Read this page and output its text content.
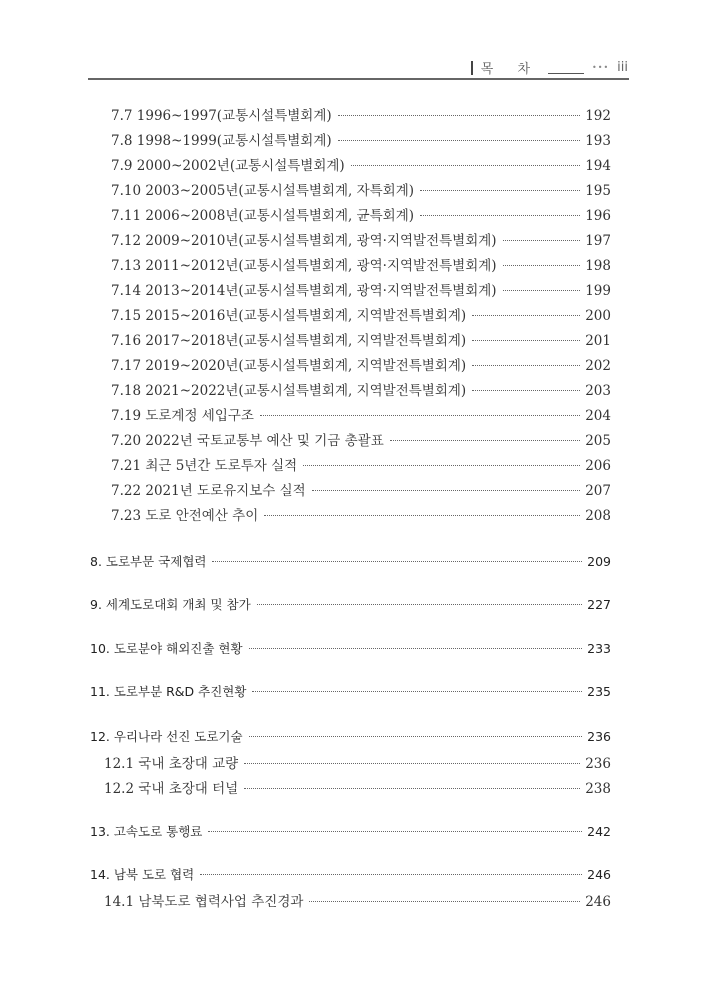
목 차	••• iii
7.7 1996~1997(교통시설특별회계)	192
7.8 1998~1999(교통시설특별회계)	193
7.9 2000~2002년(교통시설특별회계)	194
7.10 2003~2005년(교통시설특별회계, 자특회계)	195
7.11 2006~2008년(교통시설특별회계, 균특회계)	196
7.12 2009~2010년(교통시설특별회계, 광역·지역발전특별회계)	197
7.13 2011~2012년(교통시설특별회계, 광역·지역발전특별회계)	198
7.14 2013~2014년(교통시설특별회계, 광역·지역발전특별회계)	199
7.15 2015~2016년(교통시설특별회계, 지역발전특별회계)	200
7.16 2017~2018년(교통시설특별회계, 지역발전특별회계)	201
7.17 2019~2020년(교통시설특별회계, 지역발전특별회계)	202
7.18 2021~2022년(교통시설특별회계, 지역발전특별회계)	203
7.19 도로계정 세입구조	204
7.20 2022년 국토교통부 예산 및 기금 총괄표	205
7.21 최근 5년간 도로투자 실적	206
7.22 2021년 도로유지보수 실적	207
7.23 도로 안전예산 추이	208
8. 도로부문 국제협력	209
9. 세계도로대회 개최 및 참가	227
10. 도로분야 해외진출 현황	233
11. 도로부분 R&D 추진현황	235
12. 우리나라 선진 도로기술	236
12.1 국내 초장대 교량	236
12.2 국내 초장대 터널	238
13. 고속도로 통행료	242
14. 남북 도로 협력	246
14.1 남북도로 협력사업 추진경과	246
